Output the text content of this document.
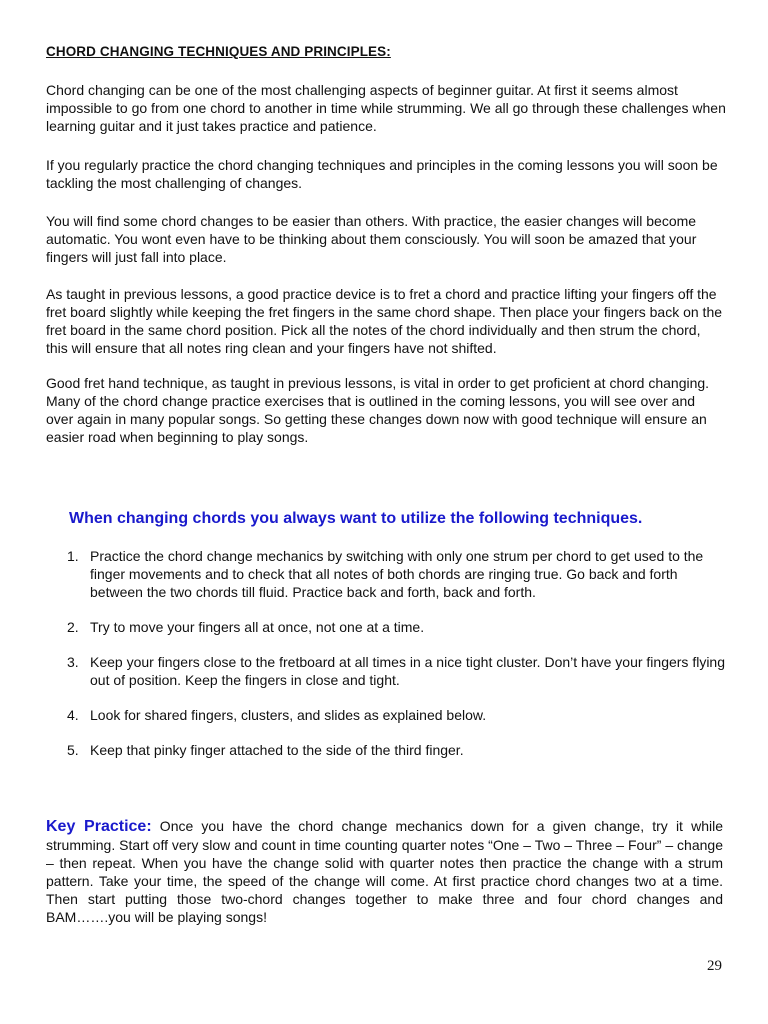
CHORD CHANGING TECHNIQUES AND PRINCIPLES:

Chord changing can be one of the most challenging aspects of beginner guitar. At first it seems almost impossible to go from one chord to another in time while strumming. We all go through these challenges when learning guitar and it just takes practice and patience.

If you regularly practice the chord changing techniques and principles in the coming lessons you will soon be tackling the most challenging of changes.

You will find some chord changes to be easier than others. With practice, the easier changes will become automatic. You wont even have to be thinking about them consciously. You will soon be amazed that your fingers will just fall into place.

As taught in previous lessons, a good practice device is to fret a chord and practice lifting your fingers off the fret board slightly while keeping the fret fingers in the same chord shape. Then place your fingers back on the fret board in the same chord position. Pick all the notes of the chord individually and then strum the chord, this will ensure that all notes ring clean and your fingers have not shifted.

Good fret hand technique, as taught in previous lessons, is vital in order to get proficient at chord changing. Many of the chord change practice exercises that is outlined in the coming lessons, you will see over and over again in many popular songs. So getting these changes down now with good technique will ensure an easier road when beginning to play songs.

When changing chords you always want to utilize the following techniques.
1. Practice the chord change mechanics by switching with only one strum per chord to get used to the finger movements and to check that all notes of both chords are ringing true. Go back and forth between the two chords till fluid. Practice back and forth, back and forth.
2. Try to move your fingers all at once, not one at a time.
3. Keep your fingers close to the fretboard at all times in a nice tight cluster. Don’t have your fingers flying out of position. Keep the fingers in close and tight.
4. Look for shared fingers, clusters, and slides as explained below.
5. Keep that pinky finger attached to the side of the third finger.

Key Practice: Once you have the chord change mechanics down for a given change, try it while strumming. Start off very slow and count in time counting quarter notes “One – Two – Three – Four” – change – then repeat. When you have the change solid with quarter notes then practice the change with a strum pattern. Take your time, the speed of the change will come. At first practice chord changes two at a time. Then start putting those two-chord changes together to make three and four chord changes and BAM…….you will be playing songs!

29
